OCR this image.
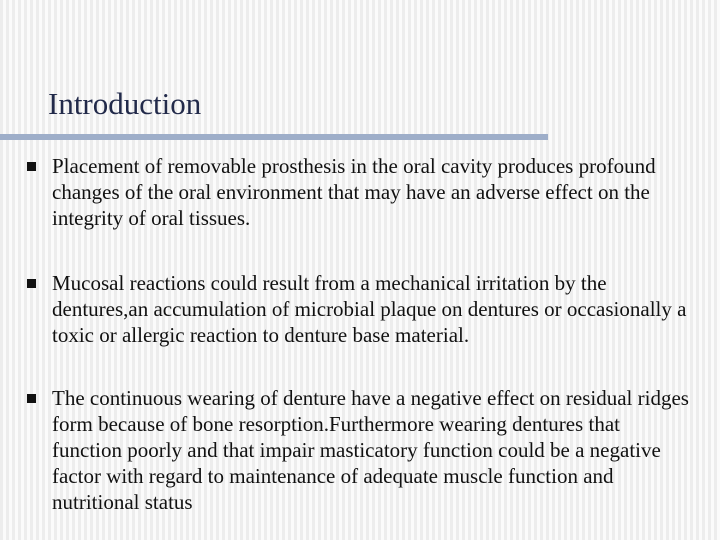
Introduction
Placement of removable prosthesis in the oral cavity produces profound changes of the oral environment that may have an adverse effect on the integrity of oral tissues.
Mucosal reactions could result from a mechanical irritation by the dentures,an accumulation of microbial plaque on dentures or occasionally a toxic or allergic reaction to denture base material.
The continuous wearing of denture have a negative effect on residual ridges form because of bone resorption.Furthermore wearing dentures that function poorly and that impair masticatory function could be a negative factor with regard to maintenance of adequate muscle function and nutritional status
